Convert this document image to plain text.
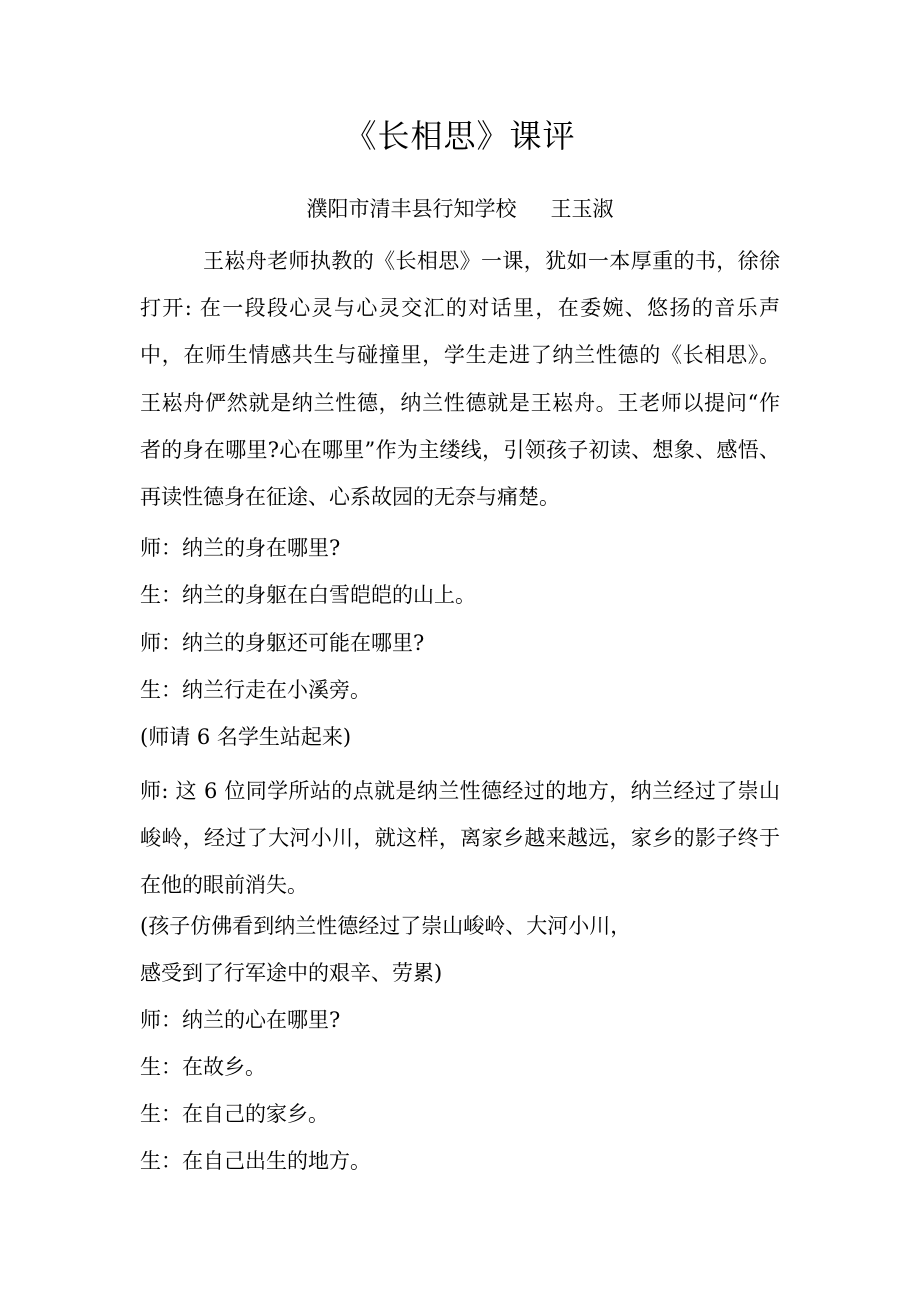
《长相思》课评
濮阳市清丰县行知学校 王玉淑

王崧舟老师执教的《长相思》一课，犹如一本厚重的书，徐徐打开: 在一段段心灵与心灵交汇的对话里，在委婉、悠扬的音乐声中，在师生情感共生与碰撞里，学生走进了纳兰性德的《长相思》。王崧舟俨然就是纳兰性德，纳兰性德就是王崧舟。王老师以提问“作者的身在哪里?心在哪里”作为主缕线，引领孩子初读、想象、感悟、再读性德身在征途、心系故园的无奈与痛楚。

师：纳兰的身在哪里?

生：纳兰的身躯在白雪皑皑的山上。

师：纳兰的身躯还可能在哪里?

生：纳兰行走在小溪旁。

(师请 6 名学生站起来)

师: 这 6 位同学所站的点就是纳兰性德经过的地方，纳兰经过了崇山峻岭，经过了大河小川，就这样，离家乡越来越远，家乡的影子终于在他的眼前消失。

(孩子仿佛看到纳兰性德经过了崇山峻岭、大河小川，

感受到了行军途中的艰辛、劳累)

师：纳兰的心在哪里?

生：在故乡。

生：在自己的家乡。

生：在自己出生的地方。
